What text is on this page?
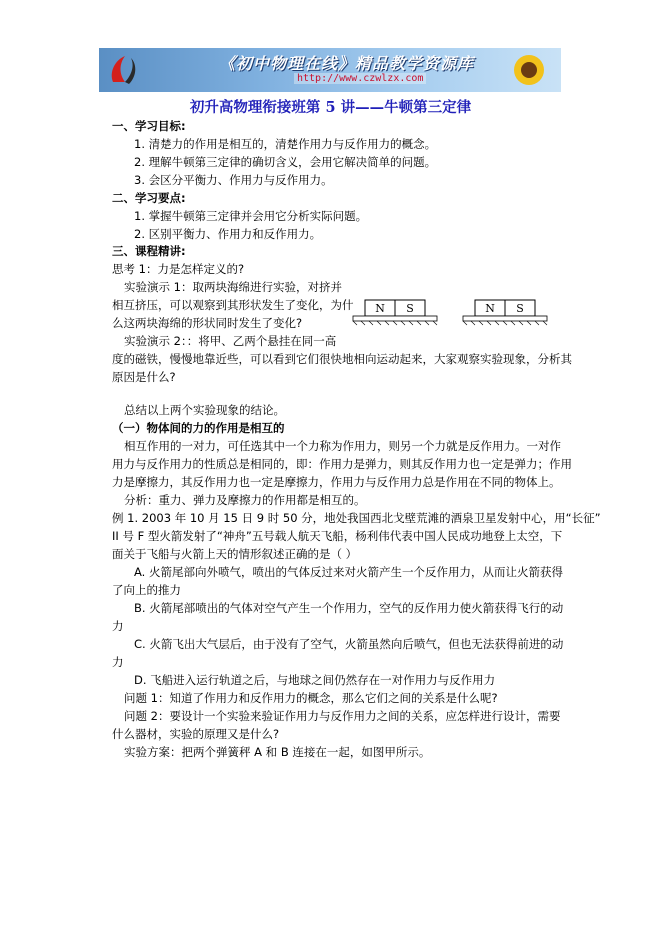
《初中物理在线》精品教学资源库
http://www.czwlzx.com
初升高物理衔接班第 5 讲——牛顿第三定律
一、学习目标:
1. 清楚力的作用是相互的，清楚作用力与反作用力的概念。
2. 理解牛顿第三定律的确切含义，会用它解决简单的问题。
3. 会区分平衡力、作用力与反作用力。
二、学习要点:
1. 掌握牛顿第三定律并会用它分析实际问题。
2. 区别平衡力、作用力和反作用力。
三、课程精讲:
思考 1：力是怎样定义的?
实验演示 1：取两块海绵进行实验，对挤并
相互挤压，可以观察到其形状发生了变化，为什
么这两块海绵的形状同时发生了变化?
N S	N S
实验演示 2：：将甲、乙两个悬挂在同一高
度的磁铁，慢慢地靠近些，可以看到它们很快地相向运动起来，大家观察实验现象，分析其
原因是什么?
总结以上两个实验现象的结论。
（一）物体间的力的作用是相互的
相互作用的一对力，可任选其中一个力称为作用力，则另一个力就是反作用力。一对作
用力与反作用力的性质总是相同的，即：作用力是弹力，则其反作用力也一定是弹力；作用
力是摩擦力，其反作用力也一定是摩擦力，作用力与反作用力总是作用在不同的物体上。
分析：重力、弹力及摩擦力的作用都是相互的。
例 1. 2003 年 10 月 15 日 9 时 50 分，地处我国西北戈壁荒滩的酒泉卫星发射中心，用“长征”
II 号 F 型火箭发射了“神舟”五号载人航天飞船，杨利伟代表中国人民成功地登上太空，下
面关于飞船与火箭上天的情形叙述正确的是（ ）
A. 火箭尾部向外喷气，喷出的气体反过来对火箭产生一个反作用力，从而让火箭获得
了向上的推力
B. 火箭尾部喷出的气体对空气产生一个作用力，空气的反作用力使火箭获得飞行的动
力
C. 火箭飞出大气层后，由于没有了空气，火箭虽然向后喷气，但也无法获得前进的动
力
D. 飞船进入运行轨道之后，与地球之间仍然存在一对作用力与反作用力
问题 1：知道了作用力和反作用力的概念，那么它们之间的关系是什么呢?
问题 2：要设计一个实验来验证作用力与反作用力之间的关系，应怎样进行设计，需要
什么器材，实验的原理又是什么?
实验方案：把两个弹簧秤 A 和 B 连接在一起，如图甲所示。
